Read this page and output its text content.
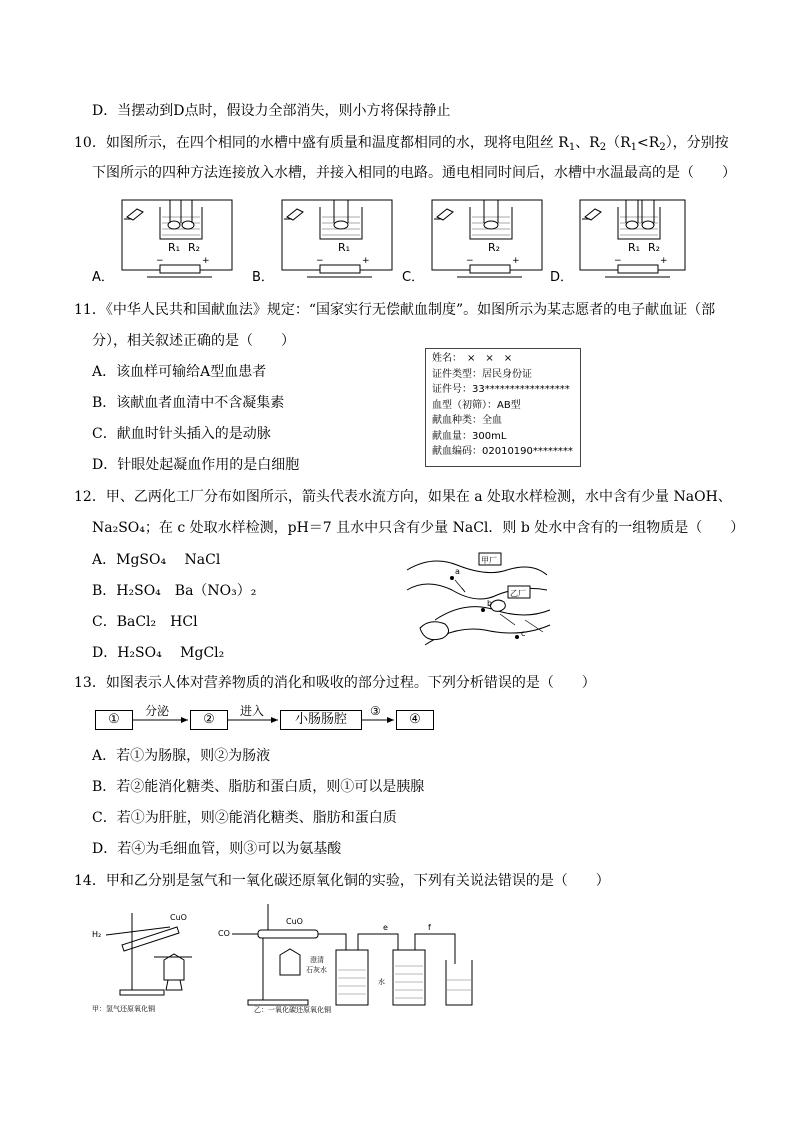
D．当摆动到D点时，假设力全部消失，则小方将保持静止
10．如图所示，在四个相同的水槽中盛有质量和温度都相同的水，现将电阻丝 $R_1$、$R_2(R_1<R_2)$，分别按
下图所示的四种方法连接放入水槽，并接入相同的电路。通电相同时间后，水槽中水温最高的是（　　）
R₁ R₂
−	+
A．
R₁
−	+
B．
R₂
−	+
C．
R₁ R₂
−	+
D．
11．《中华人民共和国献血法》规定：“国家实行无偿献血制度”。如图所示为某志愿者的电子献血证（部
分），相关叙述正确的是（　　）
A．该血样可输给A型血患者
B．该献血者血清中不含凝集素
C．献血时针头插入的是动脉
D．针眼处起凝血作用的是白细胞
姓名：　×　×　×
证件类型：居民身份证
证件号：33*****************
血型（初筛）：AB型
献血种类：全血
献血量：300mL
献血编码：02010190********
12．甲、乙两化工厂分布如图所示，箭头代表水流方向，如果在 a 处取水样检测，水中含有少量 NaOH、
Na₂SO₄；在 c 处取水样检测，pH＝7 且水中只含有少量 NaCl．则 b 处水中含有的一组物质是（　　）
A．MgSO₄　 NaCl
B．H₂SO₄　Ba（NO₃）₂
C．BaCl₂　HCl
D．H₂SO₄　 MgCl₂
甲厂
乙厂
a
b
c
13．如图表示人体对营养物质的消化和吸收的部分过程。下列分析错误的是（　　）
①	②	小肠肠腔	④
分泌	进入	③
A．若①为肠腺，则②为肠液
B．若②能消化糖类、脂肪和蛋白质，则①可以是胰腺
C．若①为肝脏，则②能消化糖类、脂肪和蛋白质
D．若④为毛细血管，则③可以为氨基酸
14．甲和乙分别是氢气和一氧化碳还原氧化铜的实验，下列有关说法错误的是（　　）
H₂
CuO
甲：氢气还原氧化铜
CO
CuO
澄清
石灰水
e
水
f
乙：一氧化碳还原氧化铜
